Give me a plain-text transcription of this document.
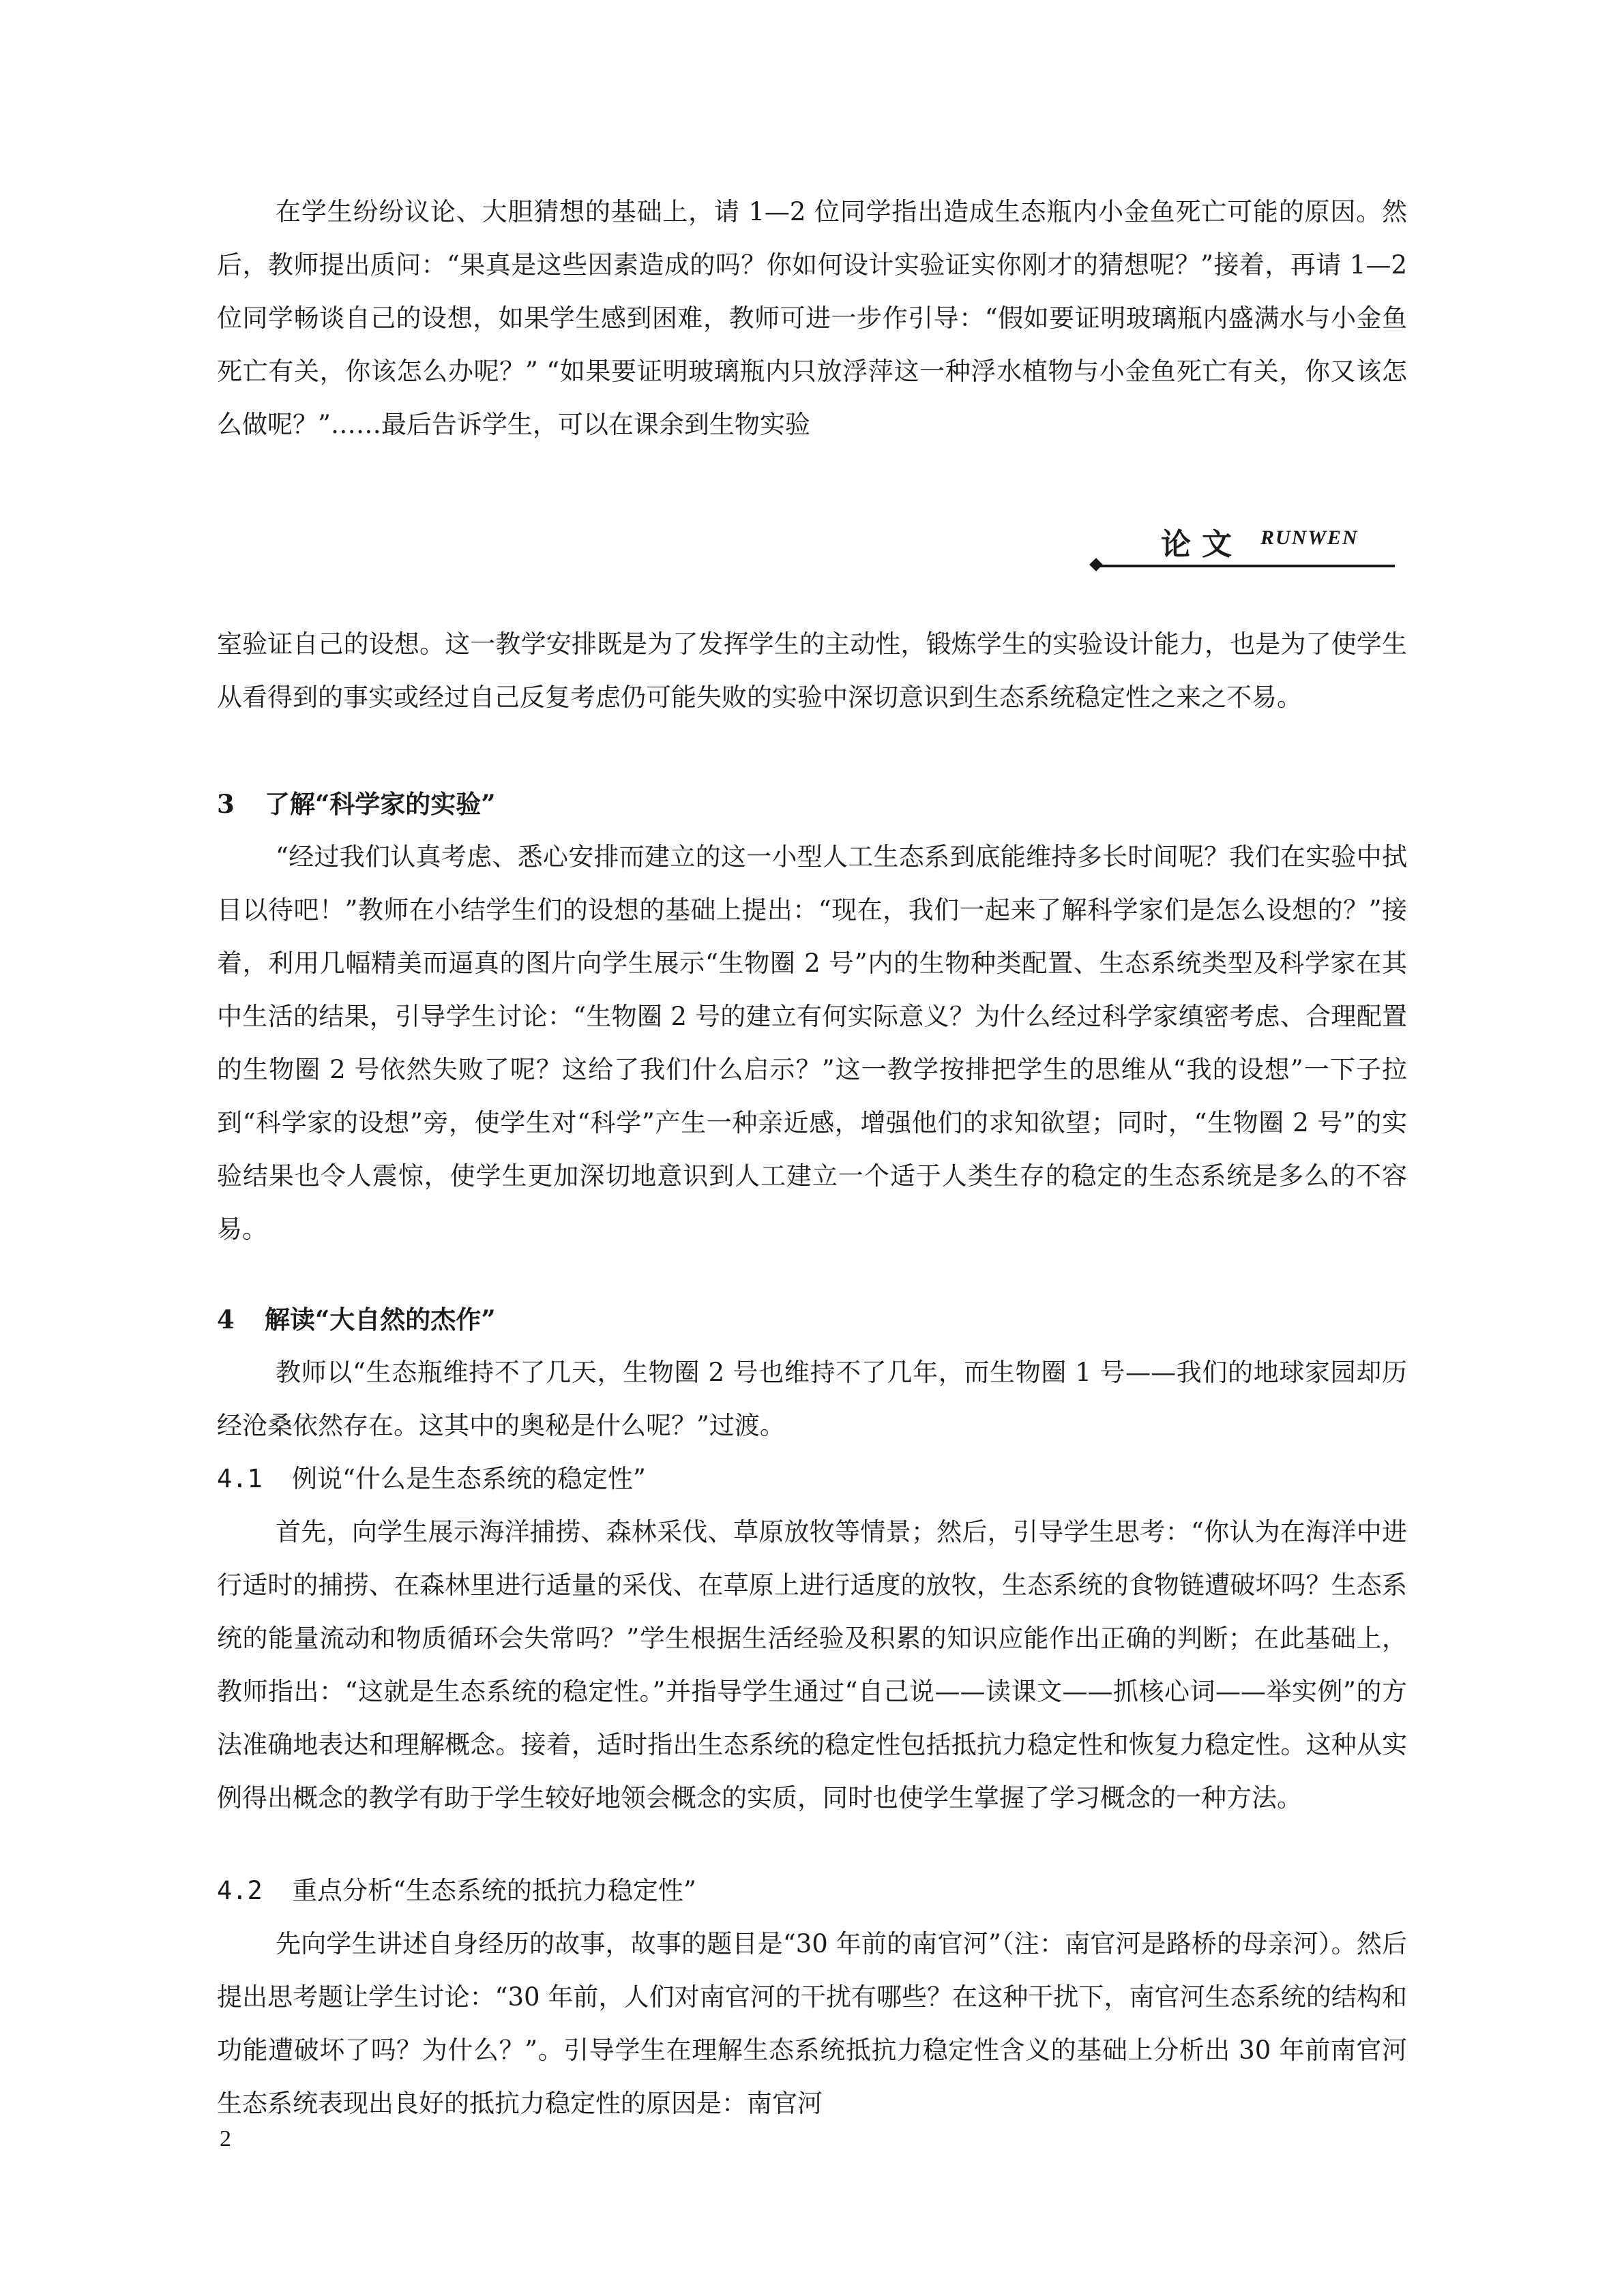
在学生纷纷议论、大胆猜想的基础上，请 1—2 位同学指出造成生态瓶内小金鱼死亡可能的原因。然后，教师提出质问：“果真是这些因素造成的吗？你如何设计实验证实你刚才的猜想呢？”接着，再请 1—2 位同学畅谈自己的设想，如果学生感到困难，教师可进一步作引导：“假如要证明玻璃瓶内盛满水与小金鱼死亡有关，你该怎么办呢？” “如果要证明玻璃瓶内只放浮萍这一种浮水植物与小金鱼死亡有关，你又该怎么做呢？”……最后告诉学生，可以在课余到生物实验

论文 RUNWEN

室验证自己的设想。这一教学安排既是为了发挥学生的主动性，锻炼学生的实验设计能力，也是为了使学生从看得到的事实或经过自己反复考虑仍可能失败的实验中深切意识到生态系统稳定性之来之不易。

3 了解“科学家的实验”

“经过我们认真考虑、悉心安排而建立的这一小型人工生态系到底能维持多长时间呢？我们在实验中拭目以待吧！”教师在小结学生们的设想的基础上提出：“现在，我们一起来了解科学家们是怎么设想的？”接着，利用几幅精美而逼真的图片向学生展示“生物圈 2 号”内的生物种类配置、生态系统类型及科学家在其中生活的结果，引导学生讨论：“生物圈 2 号的建立有何实际意义？为什么经过科学家缜密考虑、合理配置的生物圈 2 号依然失败了呢？这给了我们什么启示？”这一教学按排把学生的思维从“我的设想”一下子拉到“科学家的设想”旁，使学生对“科学”产生一种亲近感，增强他们的求知欲望；同时，“生物圈 2 号”的实验结果也令人震惊，使学生更加深切地意识到人工建立一个适于人类生存的稳定的生态系统是多么的不容易。

4 解读“大自然的杰作”

教师以“生态瓶维持不了几天，生物圈 2 号也维持不了几年，而生物圈 1 号——我们的地球家园却历经沧桑依然存在。这其中的奥秘是什么呢？”过渡。

4.1 例说“什么是生态系统的稳定性”

首先，向学生展示海洋捕捞、森林采伐、草原放牧等情景；然后，引导学生思考：“你认为在海洋中进行适时的捕捞、在森林里进行适量的采伐、在草原上进行适度的放牧，生态系统的食物链遭破坏吗？生态系统的能量流动和物质循环会失常吗？”学生根据生活经验及积累的知识应能作出正确的判断；在此基础上，教师指出：“这就是生态系统的稳定性。”并指导学生通过“自己说——读课文——抓核心词——举实例”的方法准确地表达和理解概念。接着，适时指出生态系统的稳定性包括抵抗力稳定性和恢复力稳定性。这种从实例得出概念的教学有助于学生较好地领会概念的实质，同时也使学生掌握了学习概念的一种方法。

4.2 重点分析“生态系统的抵抗力稳定性”

先向学生讲述自身经历的故事，故事的题目是“30 年前的南官河”（注：南官河是路桥的母亲河）。然后提出思考题让学生讨论：“30 年前，人们对南官河的干扰有哪些？在这种干扰下，南官河生态系统的结构和功能遭破坏了吗？为什么？”。引导学生在理解生态系统抵抗力稳定性含义的基础上分析出 30 年前南官河生态系统表现出良好的抵抗力稳定性的原因是：南官河

2
